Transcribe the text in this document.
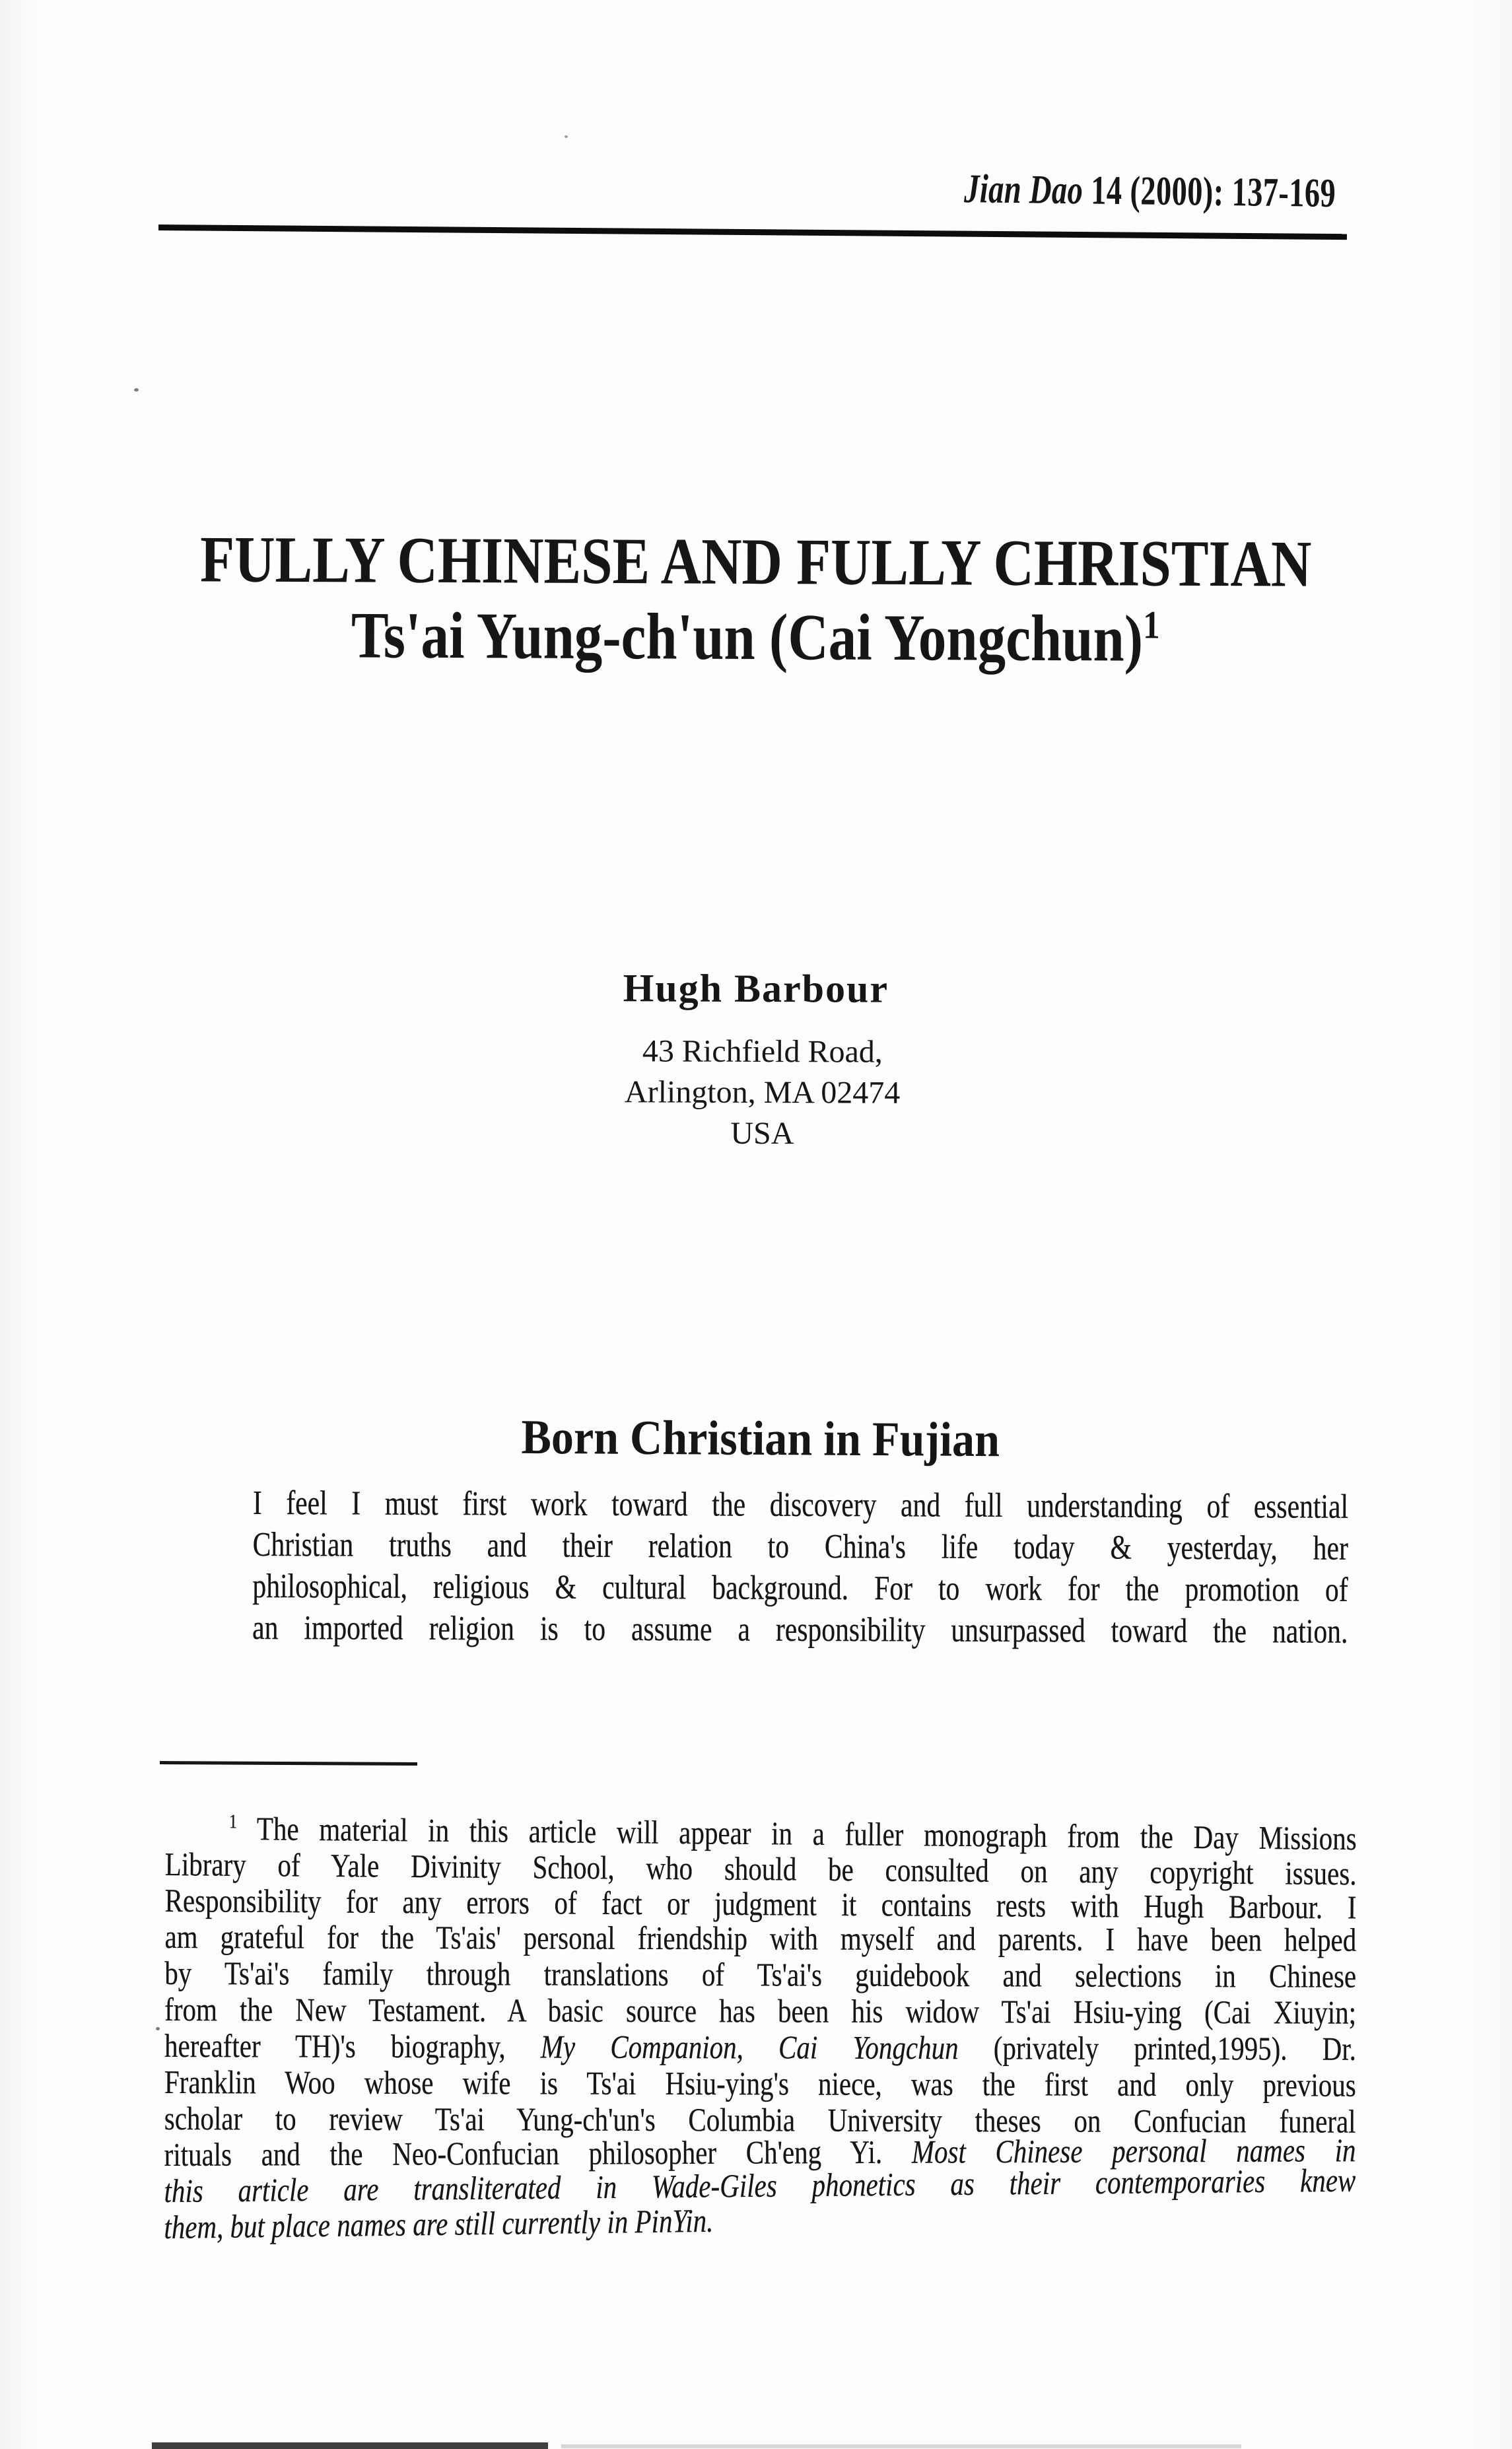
Jian Dao 14 (2000): 137-169
FULLY CHINESE AND FULLY CHRISTIAN
Ts'ai Yung-ch'un (Cai Yongchun)$^1$
Hugh Barbour
43 Richfield Road,
Arlington, MA 02474
USA
Born Christian in Fujian
I feel I must first work toward the discovery and full understanding of essential
Christian truths and their relation to China's life today & yesterday, her
philosophical, religious & cultural background. For to work for the promotion of
an imported religion is to assume a responsibility unsurpassed toward the nation.
$^1$ The material in this article will appear in a fuller monograph from the Day Missions
Library of Yale Divinity School, who should be consulted on any copyright issues.
Responsibility for any errors of fact or judgment it contains rests with Hugh Barbour. I
am grateful for the Ts'ais' personal friendship with myself and parents. I have been helped
by Ts'ai's family through translations of Ts'ai's guidebook and selections in Chinese
from the New Testament. A basic source has been his widow Ts'ai Hsiu-ying (Cai Xiuyin;
hereafter TH)'s biography, My Companion, Cai Yongchun (privately printed,1995). Dr.
Franklin Woo whose wife is Ts'ai Hsiu-ying's niece, was the first and only previous
scholar to review Ts'ai Yung-ch'un's Columbia University theses on Confucian funeral
rituals and the Neo-Confucian philosopher Ch'eng Yi. Most Chinese personal names in
this article are transliterated in Wade-Giles phonetics as their contemporaries knew
them, but place names are still currently in PinYin.
